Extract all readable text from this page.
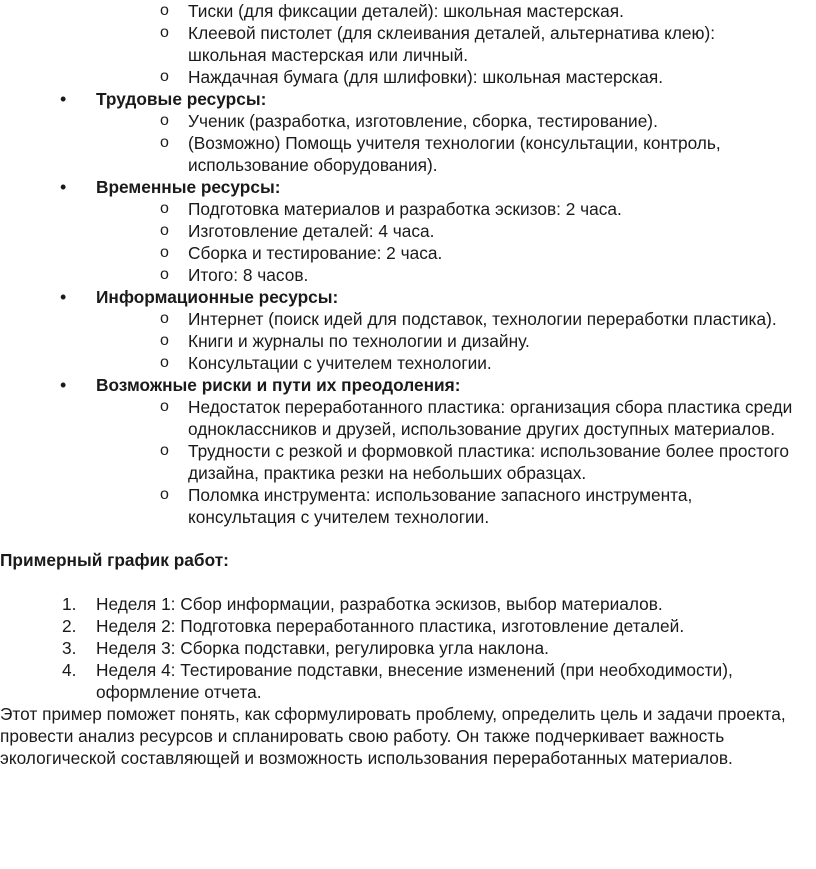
o Тиски (для фиксации деталей): школьная мастерская.
o Клеевой пистолет (для склеивания деталей, альтернатива клею): школьная мастерская или личный.
o Наждачная бумага (для шлифовки): школьная мастерская.
• Трудовые ресурсы:
o Ученик (разработка, изготовление, сборка, тестирование).
o (Возможно) Помощь учителя технологии (консультации, контроль, использование оборудования).
• Временные ресурсы:
o Подготовка материалов и разработка эскизов: 2 часа.
o Изготовление деталей: 4 часа.
o Сборка и тестирование: 2 часа.
o Итого: 8 часов.
• Информационные ресурсы:
o Интернет (поиск идей для подставок, технологии переработки пластика).
o Книги и журналы по технологии и дизайну.
o Консультации с учителем технологии.
• Возможные риски и пути их преодоления:
o Недостаток переработанного пластика: организация сбора пластика среди одноклассников и друзей, использование других доступных материалов.
o Трудности с резкой и формовкой пластика: использование более простого дизайна, практика резки на небольших образцах.
o Поломка инструмента: использование запасного инструмента, консультация с учителем технологии.
Примерный график работ:
1. Неделя 1: Сбор информации, разработка эскизов, выбор материалов.
2. Неделя 2: Подготовка переработанного пластика, изготовление деталей.
3. Неделя 3: Сборка подставки, регулировка угла наклона.
4. Неделя 4: Тестирование подставки, внесение изменений (при необходимости), оформление отчета.

Этот пример поможет понять, как сформулировать проблему, определить цель и задачи проекта, провести анализ ресурсов и спланировать свою работу. Он также подчеркивает важность экологической составляющей и возможность использования переработанных материалов.
